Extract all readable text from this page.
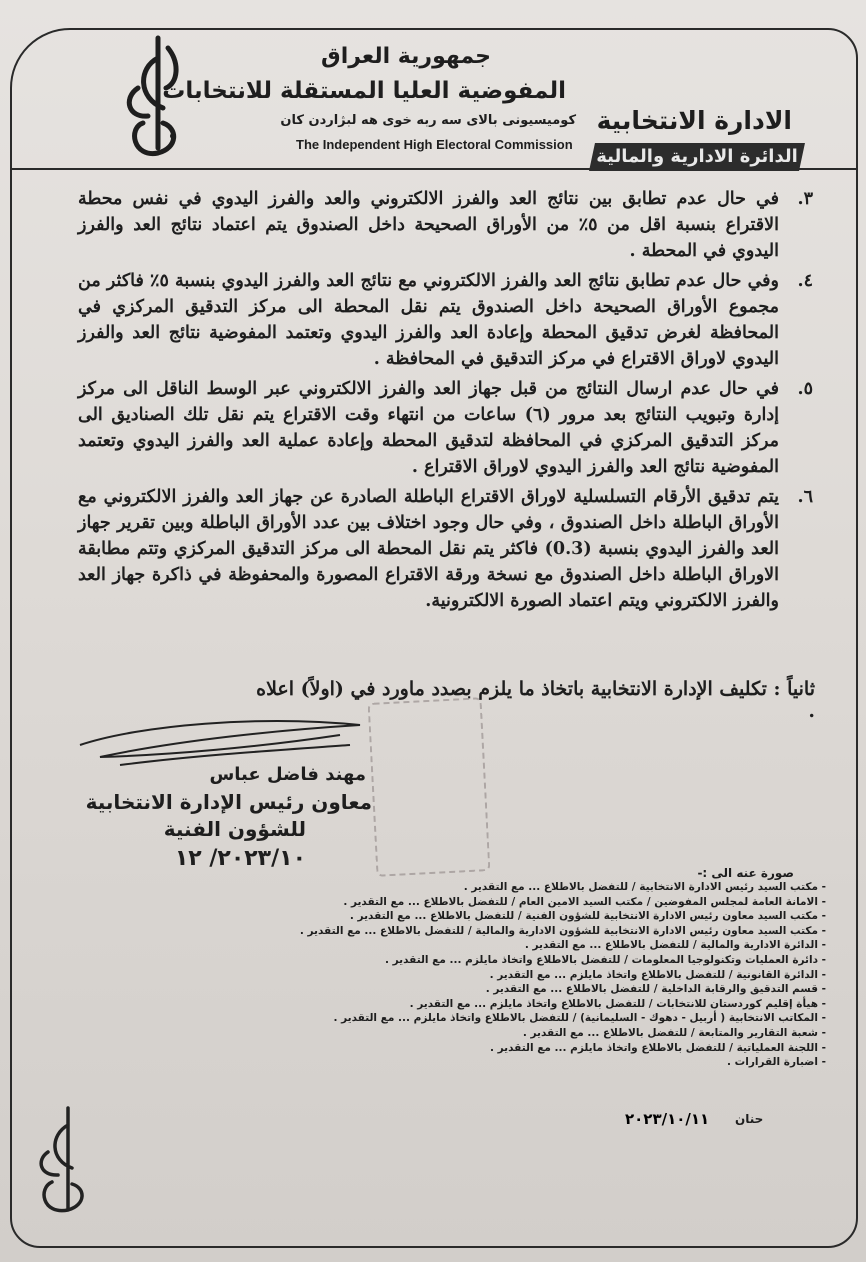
جمهورية العراق
المفوضية العليا المستقلة للانتخابات
كوميسيونى بالاى سه ربه خوى هه لبژاردن كان
The Independent High Electoral Commission
الادارة الانتخابية
الدائرة الادارية والمالية

٣.
في حال عدم تطابق بين نتائج العد والفرز الالكتروني والعد والفرز اليدوي في نفس محطة الاقتراع بنسبة اقل من ٥٪ من الأوراق الصحيحة داخل الصندوق يتم اعتماد نتائج العد والفرز اليدوي في المحطة .

٤.
وفي حال عدم تطابق نتائج العد والفرز الالكتروني مع نتائج العد والفرز اليدوي بنسبة ٥٪ فاكثر من مجموع الأوراق الصحيحة داخل الصندوق يتم نقل المحطة الى مركز التدقيق المركزي في المحافظة لغرض تدقيق المحطة وإعادة العد والفرز اليدوي وتعتمد المفوضية نتائج العد والفرز اليدوي لاوراق الاقتراع في مركز التدقيق في المحافظة .

٥.
في حال عدم ارسال النتائج من قبل جهاز العد والفرز الالكتروني عبر الوسط الناقل الى مركز إدارة وتبويب النتائج بعد مرور (٦) ساعات من انتهاء وقت الاقتراع يتم نقل تلك الصناديق الى مركز التدقيق المركزي في المحافظة لتدقيق المحطة وإعادة عملية العد والفرز اليدوي وتعتمد المفوضية نتائج العد والفرز اليدوي لاوراق الاقتراع .

٦.
يتم تدقيق الأرقام التسلسلية لاوراق الاقتراع الباطلة الصادرة عن جهاز العد والفرز الالكتروني مع الأوراق الباطلة داخل الصندوق ، وفي حال وجود اختلاف بين عدد الأوراق الباطلة وبين تقرير جهاز العد والفرز اليدوي بنسبة (0.3) فاكثر يتم نقل المحطة الى مركز التدقيق المركزي وتتم مطابقة الاوراق الباطلة داخل الصندوق مع نسخة ورقة الاقتراع المصورة والمحفوظة في ذاكرة جهاز العد والفرز الالكتروني ويتم اعتماد الصورة الالكترونية.

ثانياً : تكليف الإدارة الانتخابية باتخاذ ما يلزم بصدد ماورد في (اولاً) اعلاه .
مهند فاضل عباس
معاون رئيس الإدارة الانتخابية
للشؤون الفنية
٢٠٢٣/١٠/ ١٢
صورة عنه الى :-
- مكتب السيد رئيس الادارة الانتخابية / للتفضل بالاطلاع ... مع التقدير .
- الامانة العامة لمجلس المفوضين / مكتب السيد الامين العام / للتفضل بالاطلاع ... مع التقدير .
- مكتب السيد معاون رئيس الادارة الانتخابية للشؤون الفنية / للتفضل بالاطلاع ... مع التقدير .
- مكتب السيد معاون رئيس الادارة الانتخابية للشؤون الادارية والمالية / للتفضل بالاطلاع ... مع التقدير .
- الدائرة الادارية والمالية / للتفضل بالاطلاع ... مع التقدير .
- دائرة العمليات وتكنولوجيا المعلومات / للتفضل بالاطلاع واتخاذ مايلزم ... مع التقدير .
- الدائرة القانونية / للتفضل بالاطلاع واتخاذ مايلزم ... مع التقدير .
- قسم التدقيق والرقابة الداخلية / للتفضل بالاطلاع ... مع التقدير .
- هيأة إقليم كوردستان للانتخابات / للتفضل بالاطلاع واتخاذ مايلزم ... مع التقدير .
- المكاتب الانتخابية ( أربيل - دهوك - السليمانية) / للتفضل بالاطلاع واتخاذ مايلزم ... مع التقدير .
- شعبة التقارير والمتابعة / للتفضل بالاطلاع ... مع التقدير .
- اللجنة العملياتية / للتفضل بالاطلاع واتخاذ مايلزم ... مع التقدير .
- اضبارة القرارات .
حنان
٢٠٢٣/١٠/١١
